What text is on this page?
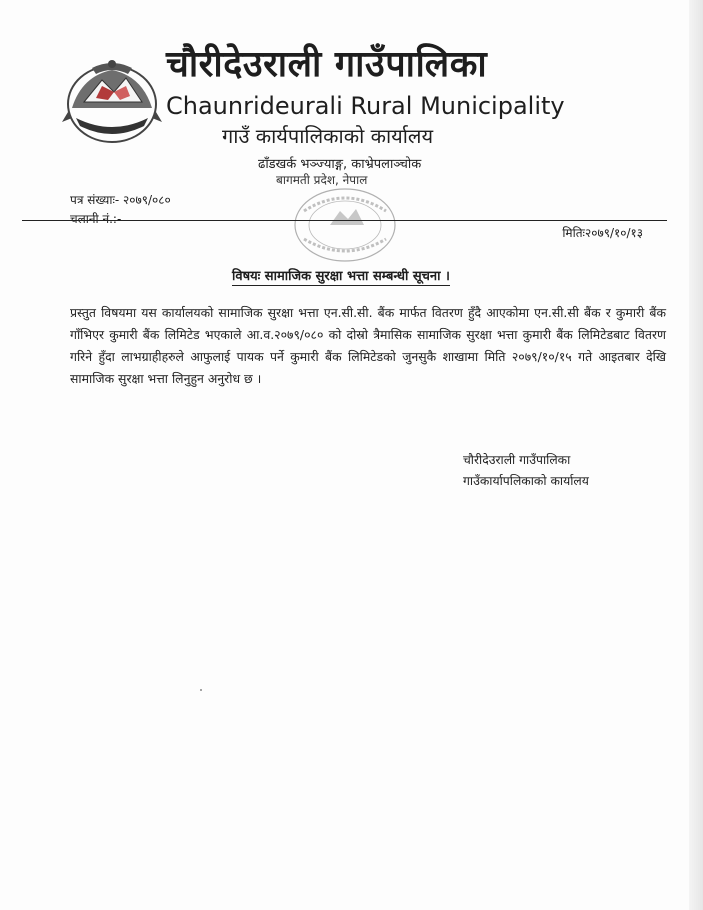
चौरीदेउराली गाउँपालिका
Chaunrideurali Rural Municipality
गाउँ कार्यपालिकाको कार्यालय
ढाँडखर्क भञ्ज्याङ्ग, काभ्रेपलाञ्चोक
बागमती प्रदेश, नेपाल
पत्र संख्याः- २०७९/०८०
चलानी नं.:-
मितिः२०७९/१०/१३
विषयः सामाजिक सुरक्षा भत्ता सम्बन्धी सूचना ।
प्रस्तुत विषयमा यस कार्यालयको सामाजिक सुरक्षा भत्ता एन.सी.सी. बैंक मार्फत वितरण हुँदै आएकोमा एन.सी.सी बैंक र कुमारी बैंक गाँभिएर कुमारी बैंक लिमिटेड भएकाले आ.व.२०७९/०८० को दोस्रो त्रैमासिक सामाजिक सुरक्षा भत्ता कुमारी बैंक लिमिटेडबाट वितरण गरिने हुँदा लाभग्राहीहरुले आफुलाई पायक पर्ने कुमारी बैंक लिमिटेडको जुनसुकै शाखामा मिति २०७९/१०/१५ गते आइतबार देखि सामाजिक सुरक्षा भत्ता लिनुहुन अनुरोध छ ।
चौरीदेउराली गाउँपालिका
गाउँकार्यापलिकाको कार्यालय
